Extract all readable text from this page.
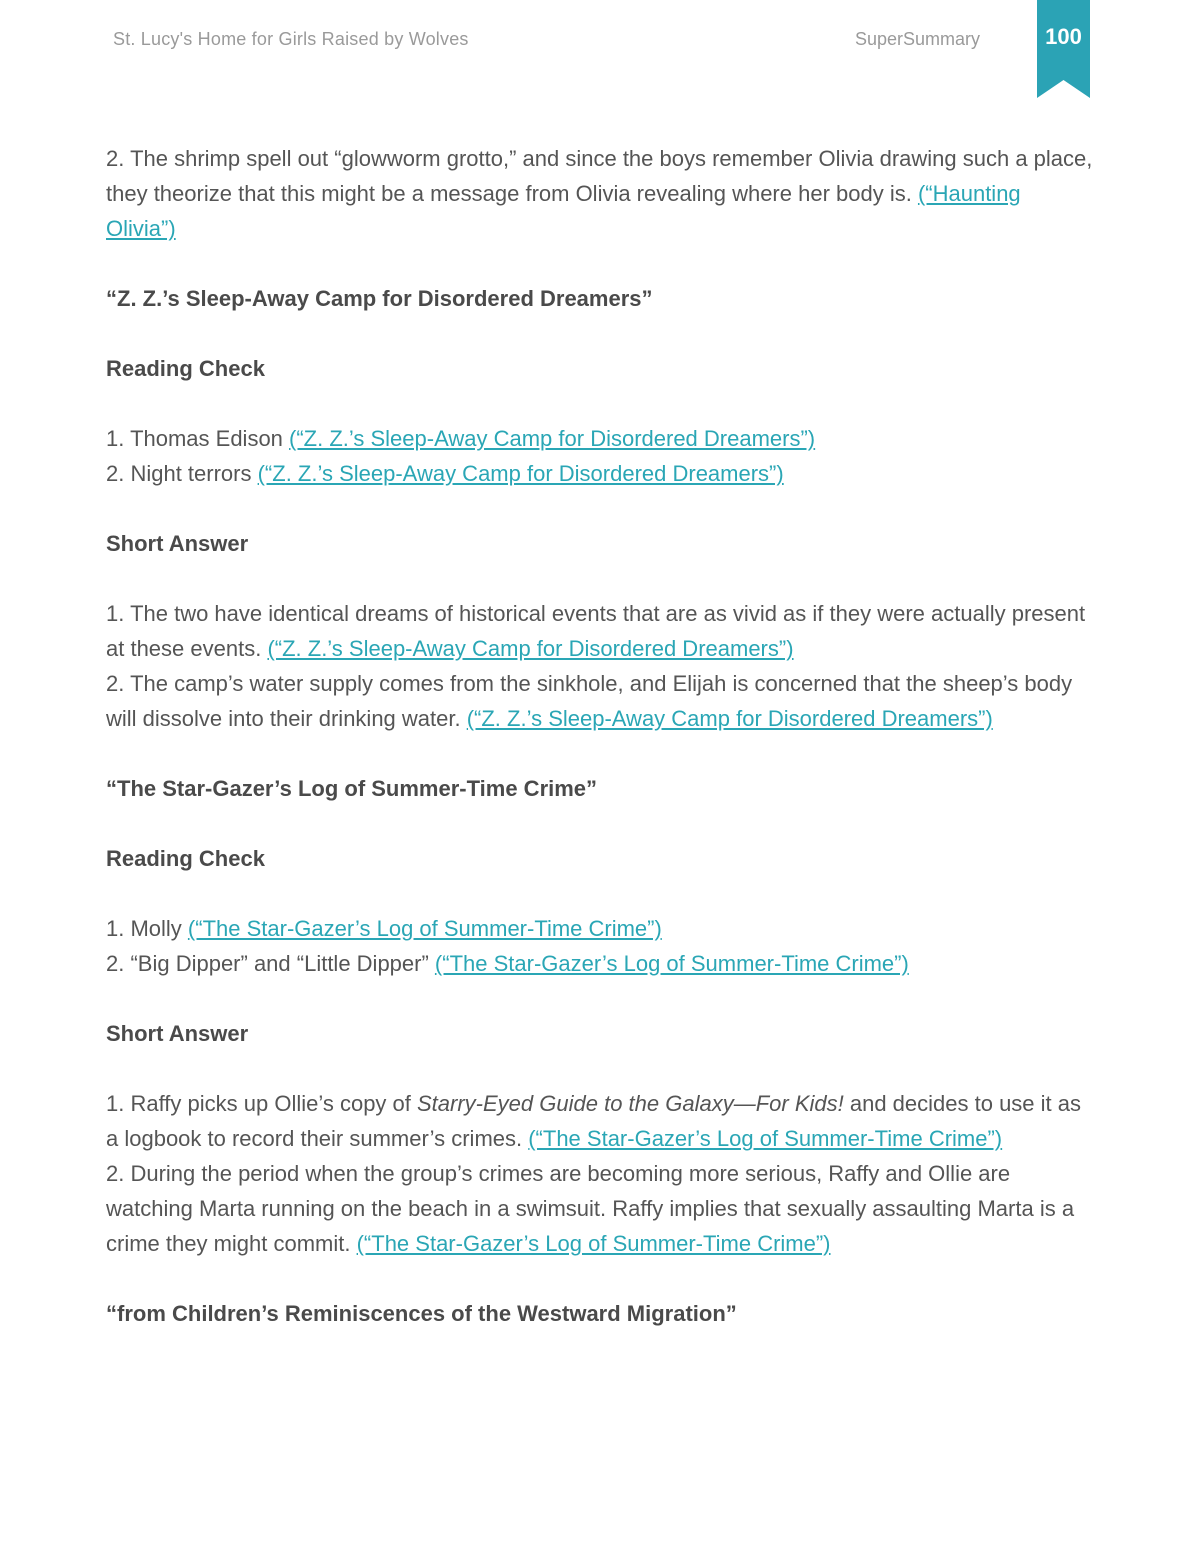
St. Lucy's Home for Girls Raised by Wolves	SuperSummary	100

2. The shrimp spell out “glowworm grotto,” and since the boys remember Olivia drawing such a place, they theorize that this might be a message from Olivia revealing where her body is. (“Haunting Olivia”)

“Z. Z.’s Sleep-Away Camp for Disordered Dreamers”

Reading Check

1. Thomas Edison (“Z. Z.’s Sleep-Away Camp for Disordered Dreamers”)

2. Night terrors (“Z. Z.’s Sleep-Away Camp for Disordered Dreamers”)

Short Answer

1. The two have identical dreams of historical events that are as vivid as if they were actually present at these events. (“Z. Z.’s Sleep-Away Camp for Disordered Dreamers”)

2. The camp’s water supply comes from the sinkhole, and Elijah is concerned that the sheep’s body will dissolve into their drinking water. (“Z. Z.’s Sleep-Away Camp for Disordered Dreamers”)

“The Star-Gazer’s Log of Summer-Time Crime”

Reading Check

1. Molly (“The Star-Gazer’s Log of Summer-Time Crime”)

2. “Big Dipper” and “Little Dipper” (“The Star-Gazer’s Log of Summer-Time Crime”)

Short Answer

1. Raffy picks up Ollie’s copy of Starry-Eyed Guide to the Galaxy—For Kids! and decides to use it as a logbook to record their summer’s crimes. (“The Star-Gazer’s Log of Summer-Time Crime”)

2. During the period when the group’s crimes are becoming more serious, Raffy and Ollie are watching Marta running on the beach in a swimsuit. Raffy implies that sexually assaulting Marta is a crime they might commit. (“The Star-Gazer’s Log of Summer-Time Crime”)

“from Children’s Reminiscences of the Westward Migration”
